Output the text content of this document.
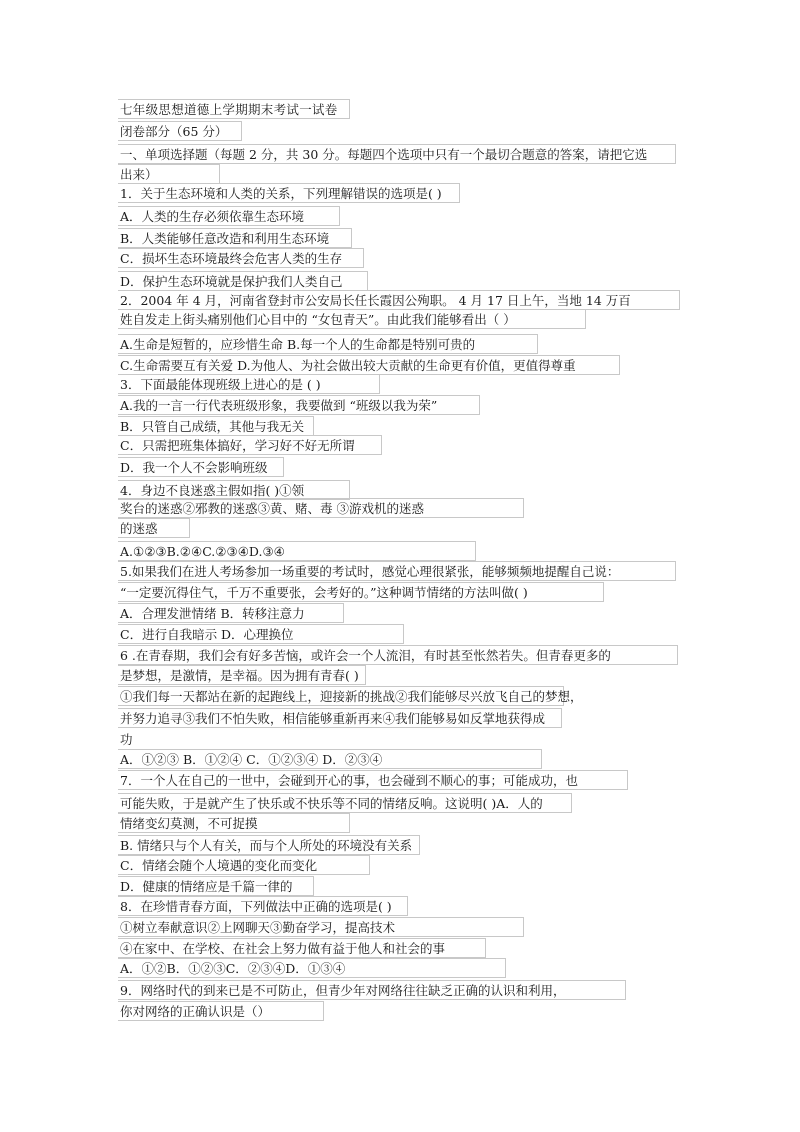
七年级思想道德上学期期末考试一试卷
闭卷部分（65 分）
一、单项选择题（每题 2 分，共 30 分。每题四个选项中只有一个最切合题意的答案，请把它选
出来）
1．关于生态环境和人类的关系，下列理解错误的选项是( )
A．人类的生存必须依靠生态环境
B．人类能够任意改造和利用生态环境
C．损坏生态环境最终会危害人类的生存
D．保护生态环境就是保护我们人类自己
2．2004 年 4 月，河南省登封市公安局长任长霞因公殉职。 4 月 17 日上午，当地 14 万百
姓自发走上街头痛别他们心目中的 “女包青天”。由此我们能够看出（ ）
A.生命是短暂的，应珍惜生命 B.每一个人的生命都是特别可贵的
C.生命需要互有关爱 D.为他人、为社会做出较大贡献的生命更有价值，更值得尊重
3．下面最能体现班级上进心的是 ( )
A.我的一言一行代表班级形象，我要做到 “班级以我为荣”
B．只管自己成绩，其他与我无关
C．只需把班集体搞好，学习好不好无所谓
D．我一个人不会影响班级
4．身边不良迷惑主假如指( )①领
奖台的迷惑②邪教的迷惑③黄、赌、毒 ③游戏机的迷惑
的迷惑
A.①②③B.②④C.②③④D.③④
5.如果我们在进人考场参加一场重要的考试时，感觉心理很紧张，能够频频地提醒自己说：
“一定要沉得住气，千万不重要张，会考好的。”这种调节情绪的方法叫做( )
A．合理发泄情绪 B．转移注意力
C．进行自我暗示 D．心理换位
6 .在青春期，我们会有好多苦恼，或许会一个人流泪，有时甚至怅然若失。但青春更多的
是梦想，是激情，是幸福。因为拥有青春( )
①我们每一天都站在新的起跑线上，迎接新的挑战②我们能够尽兴放飞自己的梦想，
并努力追寻③我们不怕失败，相信能够重新再来④我们能够易如反掌地获得成
功
A．①②③ B．①②④ C．①②③④ D．②③④
7．一个人在自己的一世中，会碰到开心的事，也会碰到不顺心的事；可能成功，也
可能失败，于是就产生了快乐或不快乐等不同的情绪反响。这说明( )A．人的
情绪变幻莫测，不可捉摸
B. 情绪只与个人有关，而与个人所处的环境没有关系
C．情绪会随个人境遇的变化而变化
D．健康的情绪应是千篇一律的
8．在珍惜青春方面，下列做法中正确的选项是( )
①树立奉献意识②上网聊天③勤奋学习，提高技术
④在家中、在学校、在社会上努力做有益于他人和社会的事
A．①②B．①②③C．②③④D．①③④
9．网络时代的到来已是不可防止，但青少年对网络往往缺乏正确的认识和利用，
你对网络的正确认识是（）
